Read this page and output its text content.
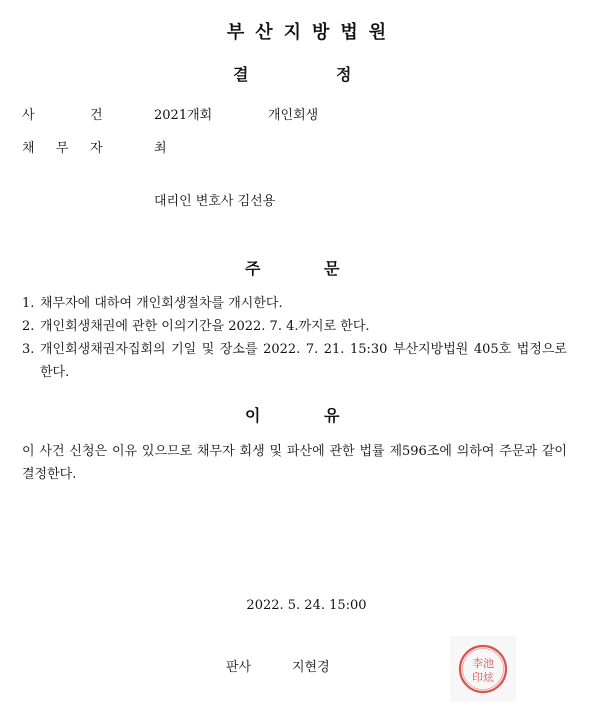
부산지방법원
결	정
사	건	2021개회	개인회생
채 무 자	최
대리인 변호사 김선용
주	문
1. 채무자에 대하여 개인회생절차를 개시한다.
2. 개인회생채권에 관한 이의기간을 2022. 7. 4.까지로 한다.
3. 개인회생채권자집회의 기일 및 장소를 2022. 7. 21. 15:30 부산지방법원 405호 법정으로 한다.
이	유
이 사건 신청은 이유 있으므로 채무자 회생 및 파산에 관한 법률 제596조에 의하여 주문과 같이 결정한다.
2022. 5. 24. 15:00
판사	지현경	李池
印炫
